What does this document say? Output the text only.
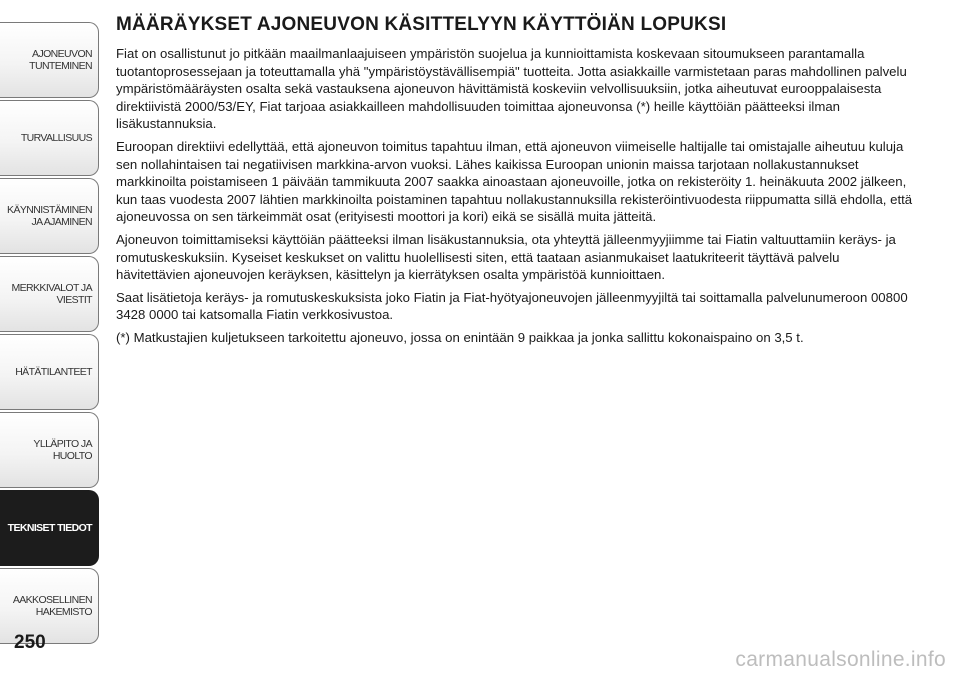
AJONEUVON
TUNTEMINEN
TURVALLISUUS
KÄYNNISTÄMINEN
JA AJAMINEN
MERKKIVALOT JA
VIESTIT
HÄTÄTILANTEET
YLLÄPITO JA HUOLTO
TEKNISET TIEDOT
AAKKOSELLINEN
HAKEMISTO
250
MÄÄRÄYKSET AJONEUVON KÄSITTELYYN KÄYTTÖIÄN LOPUKSI

Fiat on osallistunut jo pitkään maailmanlaajuiseen ympäristön suojelua ja kunnioittamista koskevaan sitoumukseen parantamalla tuotantoprosessejaan ja toteuttamalla yhä "ympäristöystävällisempiä" tuotteita. Jotta asiakkaille varmistetaan paras mahdollinen palvelu ympäristömääräysten osalta sekä vastauksena ajoneuvon hävittämistä koskeviin velvollisuuksiin, jotka aiheutuvat eurooppalaisesta direktiivistä 2000/53/EY, Fiat tarjoaa asiakkailleen mahdollisuuden toimittaa ajoneuvonsa (*) heille käyttöiän päätteeksi ilman lisäkustannuksia.

Euroopan direktiivi edellyttää, että ajoneuvon toimitus tapahtuu ilman, että ajoneuvon viimeiselle haltijalle tai omistajalle aiheutuu kuluja sen nollahintaisen tai negatiivisen markkina-arvon vuoksi. Lähes kaikissa Euroopan unionin maissa tarjotaan nollakustannukset markkinoilta poistamiseen 1 päivään tammikuuta 2007 saakka ainoastaan ajoneuvoille, jotka on rekisteröity 1. heinäkuuta 2002 jälkeen, kun taas vuodesta 2007 lähtien markkinoilta poistaminen tapahtuu nollakustannuksilla rekisteröintivuodesta riippumatta sillä ehdolla, että ajoneuvossa on sen tärkeimmät osat (erityisesti moottori ja kori) eikä se sisällä muita jätteitä.

Ajoneuvon toimittamiseksi käyttöiän päätteeksi ilman lisäkustannuksia, ota yhteyttä jälleenmyyjiimme tai Fiatin valtuuttamiin keräys- ja romutuskeskuksiin. Kyseiset keskukset on valittu huolellisesti siten, että taataan asianmukaiset laatukriteerit täyttävä palvelu hävitettävien ajoneuvojen keräyksen, käsittelyn ja kierrätyksen osalta ympäristöä kunnioittaen.

Saat lisätietoja keräys- ja romutuskeskuksista joko Fiatin ja Fiat-hyötyajoneuvojen jälleenmyyjiltä tai soittamalla palvelunumeroon 00800 3428 0000 tai katsomalla Fiatin verkkosivustoa.

(*) Matkustajien kuljetukseen tarkoitettu ajoneuvo, jossa on enintään 9 paikkaa ja jonka sallittu kokonaispaino on 3,5 t.

carmanualsonline.info
